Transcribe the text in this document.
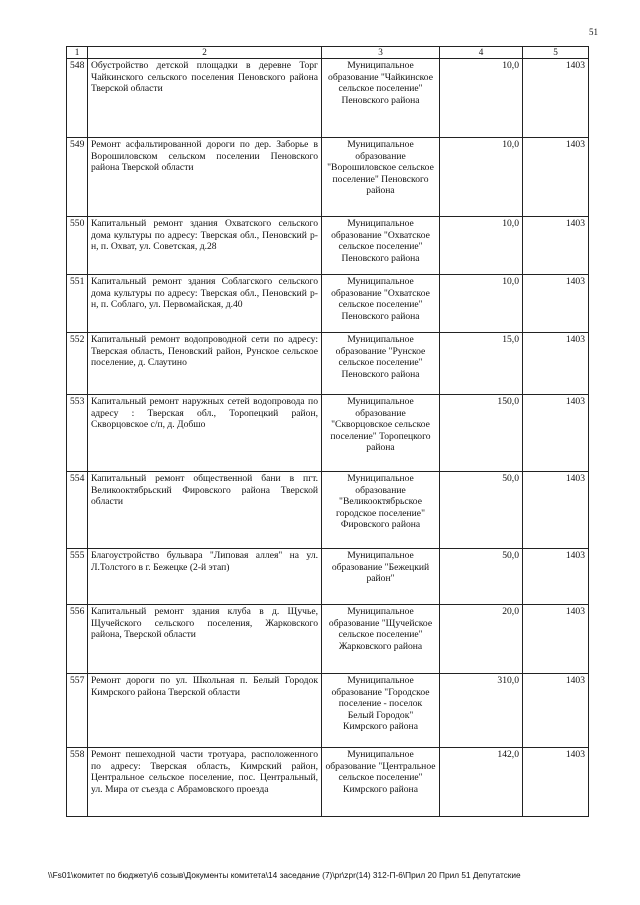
51
1	2	3	4	5
548	Обустройство детской площадки в деревне Торг Чайкинского сельского поселения Пеновского района Тверской области	Муниципальное образование "Чайкинское сельское поселение" Пеновского района	10,0	1403
549	Ремонт асфальтированной дороги по дер. Заборье в Ворошиловском сельском поселении Пеновского района Тверской области	Муниципальное образование "Ворошиловское сельское поселение" Пеновского района	10,0	1403
550	Капитальный ремонт здания Охватского сельского дома культуры по адресу: Тверская обл., Пеновский р-н, п. Охват, ул. Советская, д.28	Муниципальное образование "Охватское сельское поселение" Пеновского района	10,0	1403
551	Капитальный ремонт здания Соблагского сельского дома культуры по адресу: Тверская обл., Пеновский р-н, п. Соблаго, ул. Первомайская, д.40	Муниципальное образование "Охватское сельское поселение" Пеновского района	10,0	1403
552	Капитальный ремонт водопроводной сети по адресу: Тверская область, Пеновский район, Рунское сельское поселение, д. Слаутино	Муниципальное образование "Рунское сельское поселение" Пеновского района	15,0	1403
553	Капитальный ремонт наружных сетей водопровода по адресу : Тверская обл., Торопецкий район, Скворцовское с/п, д. Добшо	Муниципальное образование "Скворцовское сельское поселение" Торопецкого района	150,0	1403
554	Капитальный ремонт общественной бани в пгт. Великооктябрьский Фировского района Тверской области	Муниципальное образование "Великооктябрьское городское поселение" Фировского района	50,0	1403
555	Благоустройство бульвара "Липовая аллея" на ул. Л.Толстого в г. Бежецке (2-й этап)	Муниципальное образование "Бежецкий район"	50,0	1403
556	Капитальный ремонт здания клуба в д. Щучье, Щучейского сельского поселения, Жарковского района, Тверской области	Муниципальное образование "Щучейское сельское поселение" Жарковского района	20,0	1403
557	Ремонт дороги по ул. Школьная п. Белый Городок Кимрского района Тверской области	Муниципальное образование "Городское поселение - поселок Белый Городок" Кимрского района	310,0	1403
558	Ремонт пешеходной части тротуара, расположенного по адресу: Тверская область, Кимрский район, Центральное сельское поселение, пос. Центральный, ул. Мира от съезда с Абрамовского проезда	Муниципальное образование "Центральное сельское поселение" Кимрского района	142,0	1403
\\Fs01\комитет по бюджету\6 созыв\Документы комитета\14 заседание (7)\pr\zpr(14) 312-П-6\Прил 20 Прил 51 Депутатские
